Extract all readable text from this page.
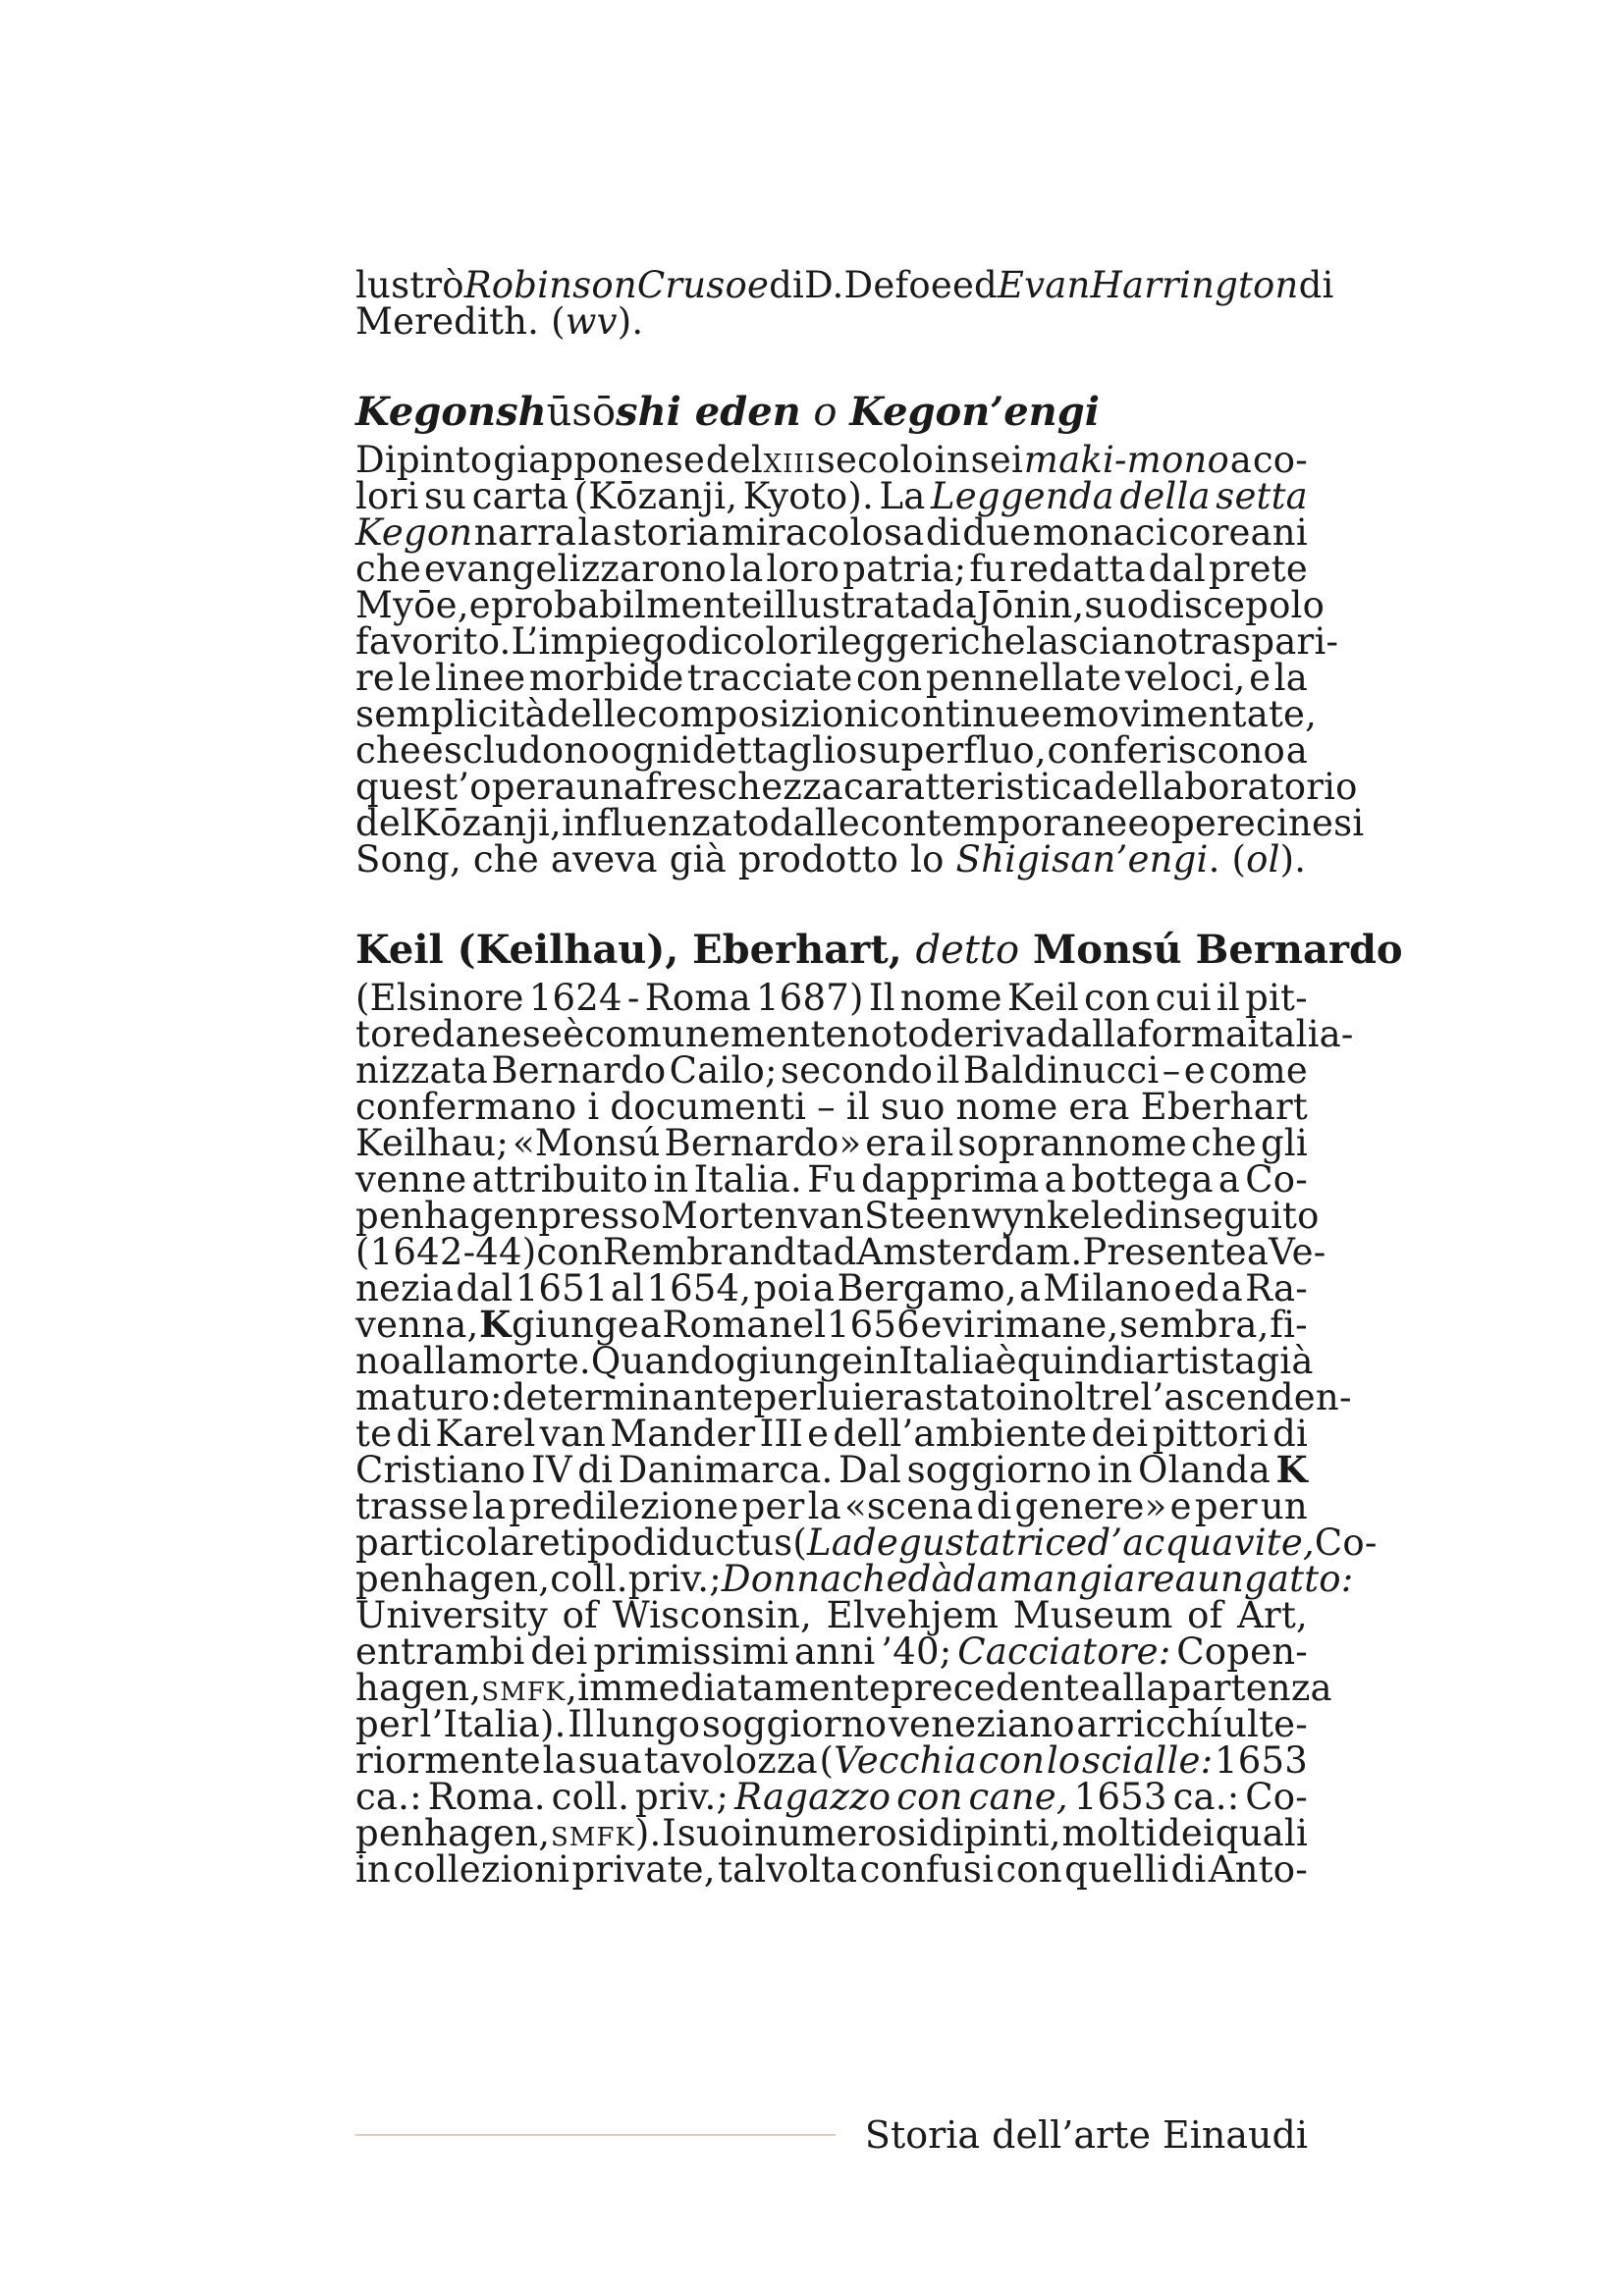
lustrò Robinson Crusoe di D. Defoe ed Evan Harrington di
Meredith. (wv).
Kegonshūsōshi eden o Kegon’engi
Dipinto giapponese del xiii secolo in sei maki-mono a co-
lori su carta (Kōzanji, Kyoto). La Leggenda della setta
Kegon narra la storia miracolosa di due monaci coreani
che evangelizzarono la loro patria; fu redatta dal prete
Myōe, e probabilmente illustrata da Jōnin, suo discepolo
favorito. L’impiego di colori leggeri che lasciano traspari-
re le linee morbide tracciate con pennellate veloci, e la
semplicità delle composizioni continue e movimentate,
che escludono ogni dettaglio superfluo, conferiscono a
quest’opera una freschezza caratteristica del laboratorio
del Kōzanji, influenzato dalle contemporanee opere cinesi
Song, che aveva già prodotto lo Shigisan’engi. (ol).
Keil (Keilhau), Eberhart, detto Monsú Bernardo
(Elsinore 1624 - Roma 1687) Il nome Keil con cui il pit-
tore danese è comunemente noto deriva dalla forma italia-
nizzata Bernardo Cailo; secondo il Baldinucci – e come
confermano i documenti – il suo nome era Eberhart
Keilhau; «Monsú Bernardo» era il soprannome che gli
venne attribuito in Italia. Fu dapprima a bottega a Co-
penhagen presso Morten van Steenwynkel ed in seguito
(1642-44) con Rembrandt ad Amsterdam. Presente a Ve-
nezia dal 1651 al 1654, poi a Bergamo, a Milano ed a Ra-
venna, K giunge a Roma nel 1656 e vi rimane, sembra, fi-
no alla morte. Quando giunge in Italia è quindi artista già
maturo: determinante per lui era stato inoltre l’ascenden-
te di Karel van Mander III e dell’ambiente dei pittori di
Cristiano IV di Danimarca. Dal soggiorno in Olanda K
trasse la predilezione per la «scena di genere» e per un
particolare tipo di ductus (La degustatrice d’acquavite, Co-
penhagen, coll. priv.; Donna che dà da mangiare a un gatto:
University of Wisconsin, Elvehjem Museum of Art,
entrambi dei primissimi anni ’40; Cacciatore: Copen-
hagen, smfk, immediatamente precedente alla partenza
per l’Italia). Il lungo soggiorno veneziano arricchí ulte-
riormente la sua tavolozza (Vecchia con lo scialle: 1653
ca.: Roma. coll. priv.; Ragazzo con cane, 1653 ca.: Co-
penhagen, smfk). I suoi numerosi dipinti, molti dei quali
in collezioni private, talvolta confusi con quelli di Anto-
Storia dell’arte Einaudi
